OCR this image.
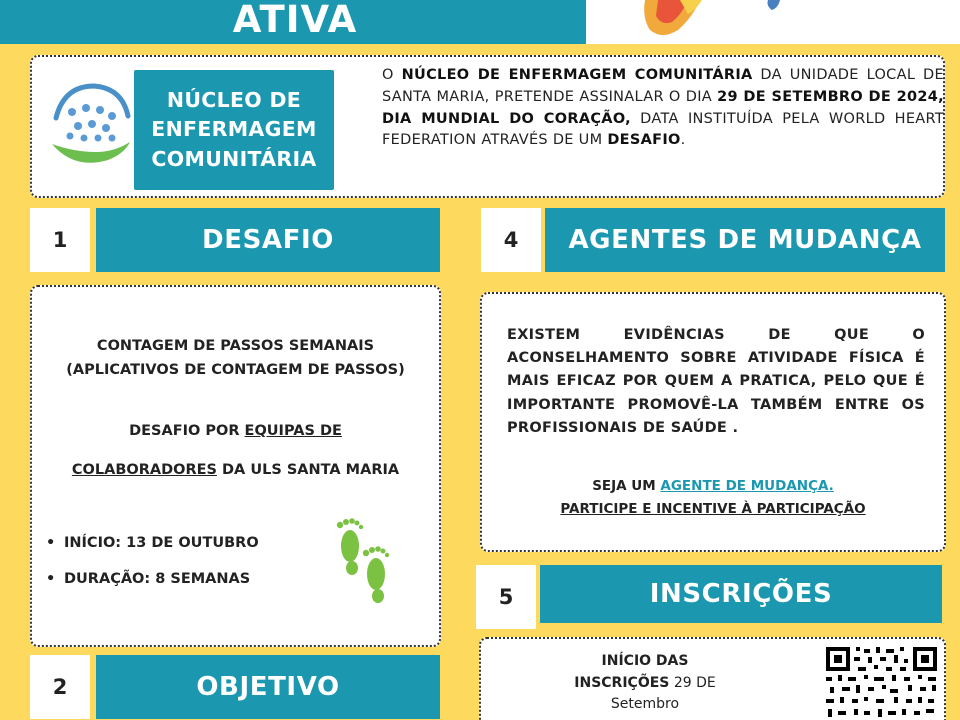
ATIVA
NÚCLEO DE
ENFERMAGEM
COMUNITÁRIA
O NÚCLEO DE ENFERMAGEM COMUNITÁRIA DA UNIDADE LOCAL DE SANTA MARIA, PRETENDE ASSINALAR O DIA 29 DE SETEMBRO DE 2024, DIA MUNDIAL DO CORAÇÃO, DATA INSTITUÍDA PELA WORLD HEART FEDERATION ATRAVÉS DE UM DESAFIO.
1	DESAFIO

CONTAGEM DE PASSOS SEMANAIS

(APLICATIVOS DE CONTAGEM DE PASSOS)

DESAFIO POR EQUIPAS DE

COLABORADORES DA ULS SANTA MARIA

• INÍCIO: 13 DE OUTUBRO
• DURAÇÃO: 8 SEMANAS
2	OBJETIVO
4	AGENTES DE MUDANÇA
EXISTEM EVIDÊNCIAS DE QUE O ACONSELHAMENTO SOBRE ATIVIDADE FÍSICA É MAIS EFICAZ POR QUEM A PRATICA, PELO QUE É IMPORTANTE PROMOVÊ-LA TAMBÉM ENTRE OS PROFISSIONAIS DE SAÚDE .
SEJA UM AGENTE DE MUDANÇA.
PARTICIPE E INCENTIVE À PARTICIPAÇÃO
5	INSCRIÇÕES
INÍCIO DAS
INSCRIÇÕES 29 DE
Setembro
